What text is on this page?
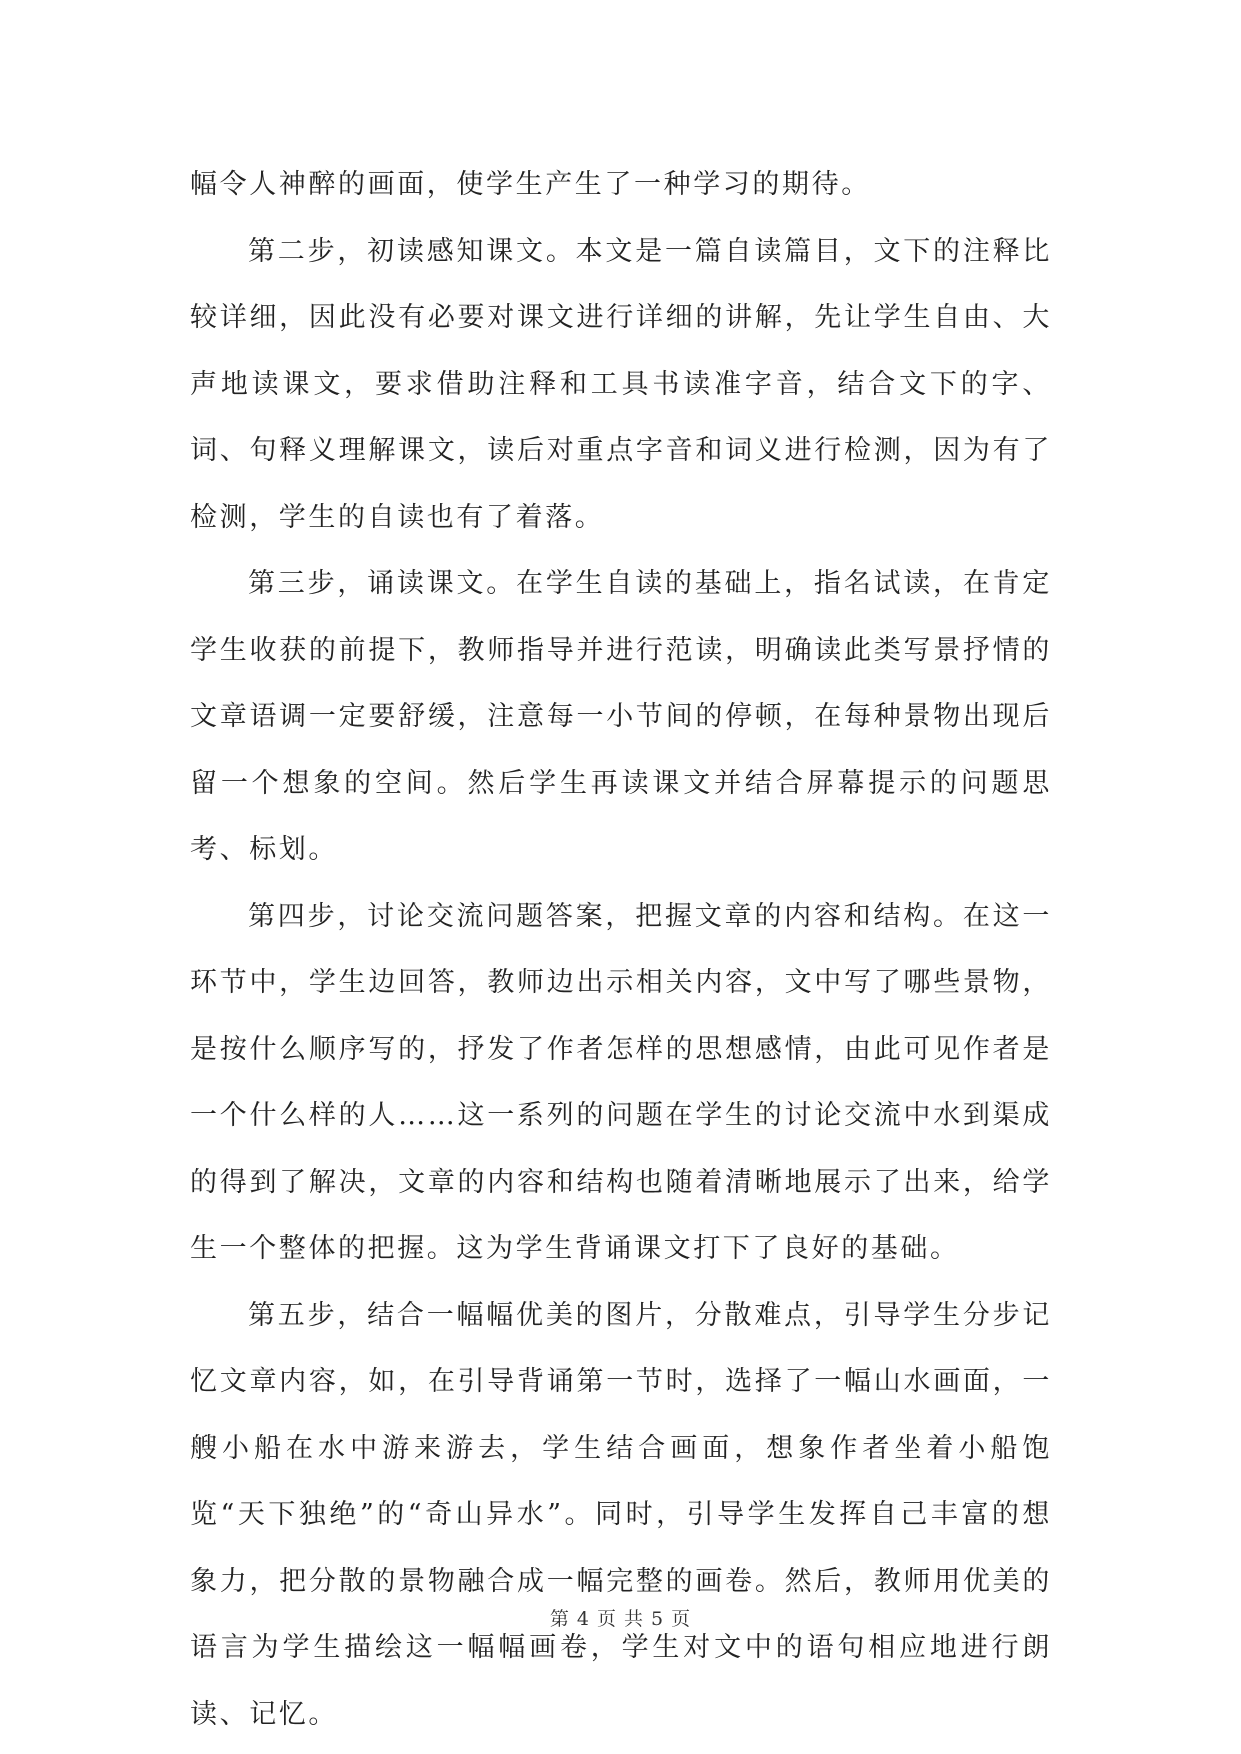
幅令人神醉的画面，使学生产生了一种学习的期待。

第二步，初读感知课文。本文是一篇自读篇目，文下的注释比较详细，因此没有必要对课文进行详细的讲解，先让学生自由、大声地读课文，要求借助注释和工具书读准字音，结合文下的字、词、句释义理解课文，读后对重点字音和词义进行检测，因为有了检测，学生的自读也有了着落。

第三步，诵读课文。在学生自读的基础上，指名试读，在肯定学生收获的前提下，教师指导并进行范读，明确读此类写景抒情的文章语调一定要舒缓，注意每一小节间的停顿，在每种景物出现后留一个想象的空间。然后学生再读课文并结合屏幕提示的问题思考、标划。

第四步，讨论交流问题答案，把握文章的内容和结构。在这一环节中，学生边回答，教师边出示相关内容，文中写了哪些景物，是按什么顺序写的，抒发了作者怎样的思想感情，由此可见作者是一个什么样的人……这一系列的问题在学生的讨论交流中水到渠成的得到了解决，文章的内容和结构也随着清晰地展示了出来，给学生一个整体的把握。这为学生背诵课文打下了良好的基础。

第五步，结合一幅幅优美的图片，分散难点，引导学生分步记忆文章内容，如，在引导背诵第一节时，选择了一幅山水画面，一艘小船在水中游来游去，学生结合画面，想象作者坐着小船饱览“天下独绝”的“奇山异水”。同时，引导学生发挥自己丰富的想象力，把分散的景物融合成一幅完整的画卷。然后，教师用优美的语言为学生描绘这一幅幅画卷，学生对文中的语句相应地进行朗读、记忆。

第 4 页 共 5 页
